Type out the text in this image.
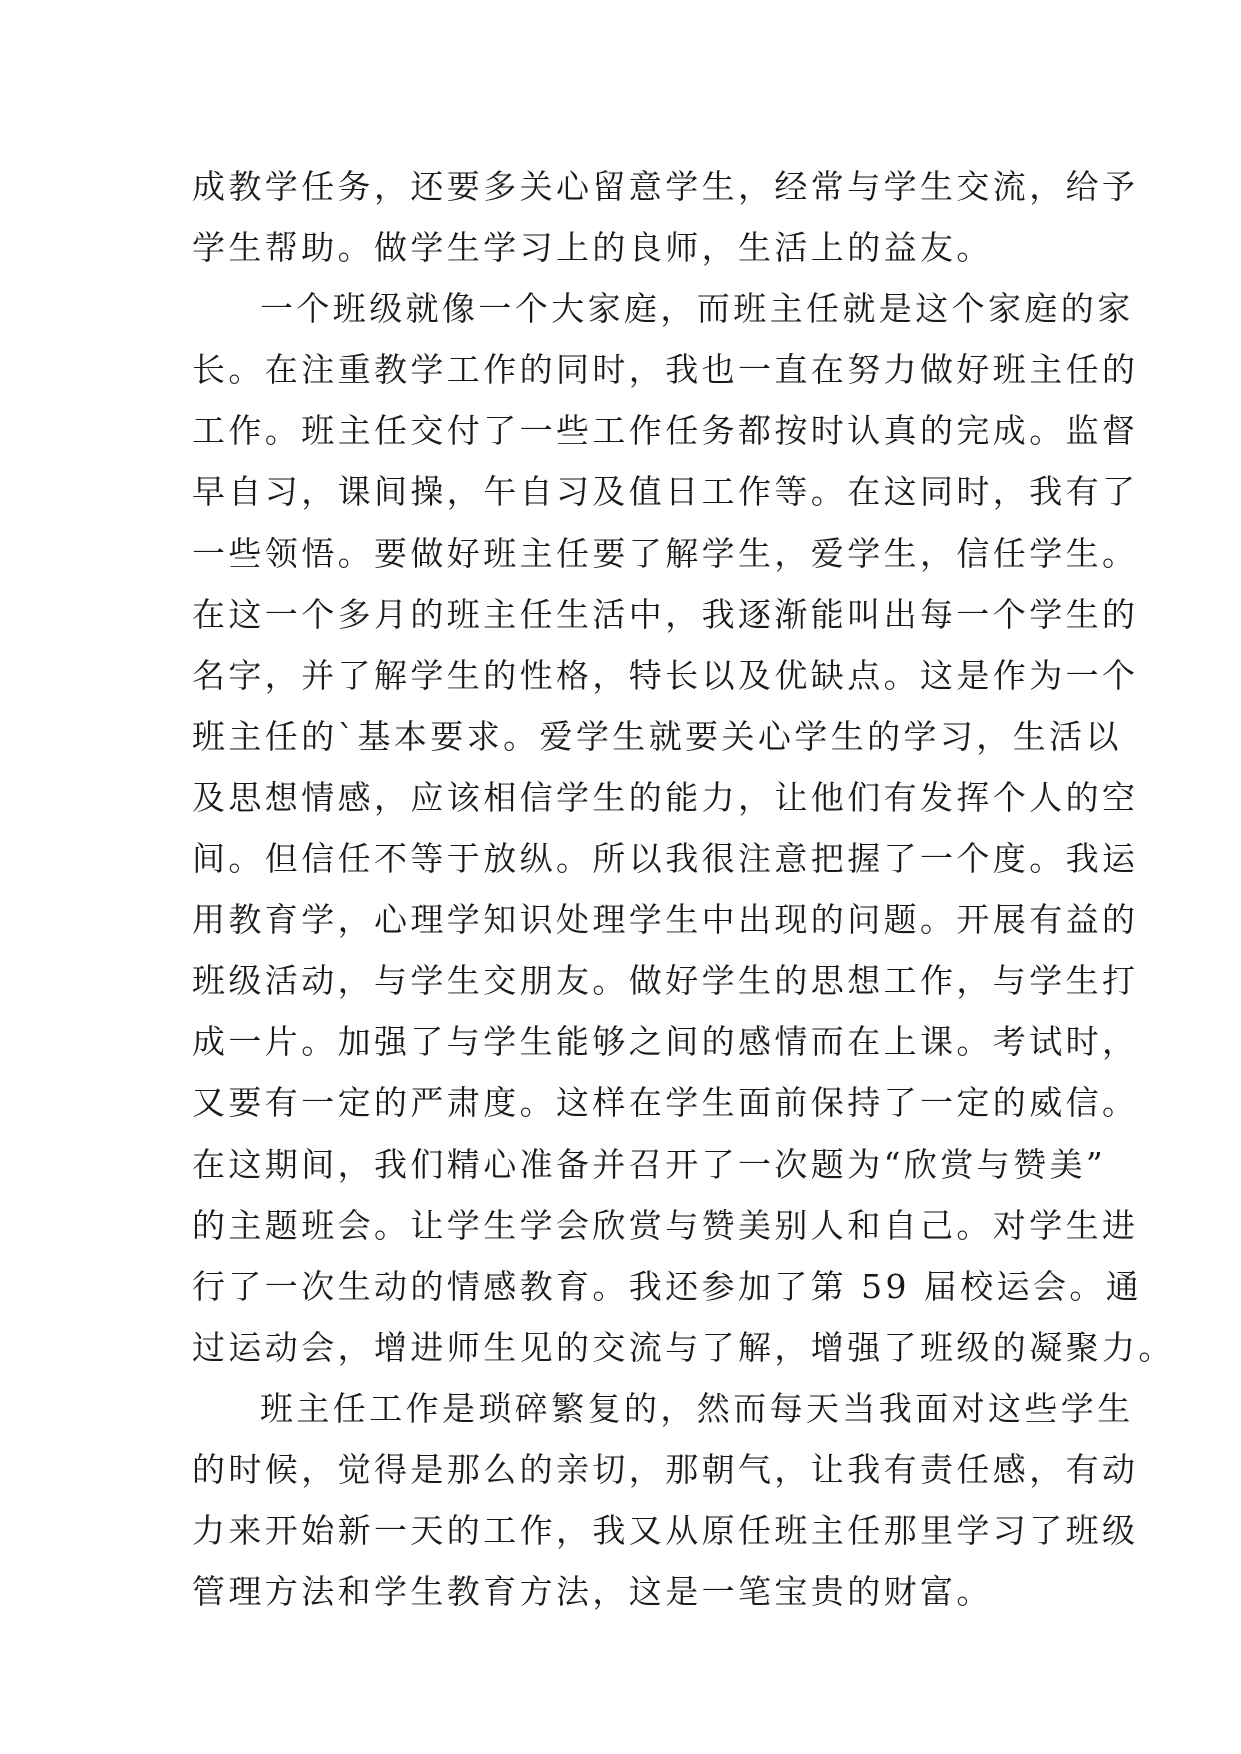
成教学任务，还要多关心留意学生，经常与学生交流，给予
学生帮助。做学生学习上的良师，生活上的益友。
一个班级就像一个大家庭，而班主任就是这个家庭的家
长。在注重教学工作的同时，我也一直在努力做好班主任的
工作。班主任交付了一些工作任务都按时认真的完成。监督
早自习，课间操，午自习及值日工作等。在这同时，我有了
一些领悟。要做好班主任要了解学生，爱学生，信任学生。
在这一个多月的班主任生活中，我逐渐能叫出每一个学生的
名字，并了解学生的性格，特长以及优缺点。这是作为一个
班主任的`基本要求。爱学生就要关心学生的学习，生活以
及思想情感，应该相信学生的能力，让他们有发挥个人的空
间。但信任不等于放纵。所以我很注意把握了一个度。我运
用教育学，心理学知识处理学生中出现的问题。开展有益的
班级活动，与学生交朋友。做好学生的思想工作，与学生打
成一片。加强了与学生能够之间的感情而在上课。考试时，
又要有一定的严肃度。这样在学生面前保持了一定的威信。
在这期间，我们精心准备并召开了一次题为“欣赏与赞美”
的主题班会。让学生学会欣赏与赞美别人和自己。对学生进
行了一次生动的情感教育。我还参加了第 59 届校运会。通
过运动会，增进师生见的交流与了解，增强了班级的凝聚力。
班主任工作是琐碎繁复的，然而每天当我面对这些学生
的时候，觉得是那么的亲切，那朝气，让我有责任感，有动
力来开始新一天的工作，我又从原任班主任那里学习了班级
管理方法和学生教育方法，这是一笔宝贵的财富。
